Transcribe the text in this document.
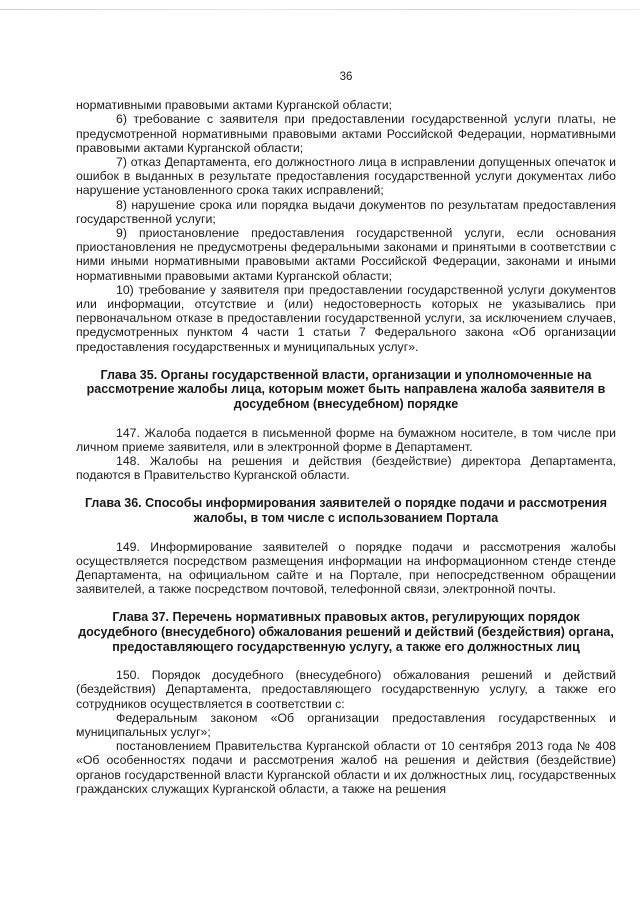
36

нормативными правовыми актами Курганской области;

6) требование с заявителя при предоставлении государственной услуги платы, не предусмотренной нормативными правовыми актами Российской Федерации, нормативными правовыми актами Курганской области;

7) отказ Департамента, его должностного лица в исправлении допущенных опечаток и ошибок в выданных в результате предоставления государственной услуги документах либо нарушение установленного срока таких исправлений;

8) нарушение срока или порядка выдачи документов по результатам предоставления государственной услуги;

9) приостановление предоставления государственной услуги, если основания приостановления не предусмотрены федеральными законами и принятыми в соответствии с ними иными нормативными правовыми актами Российской Федерации, законами и иными нормативными правовыми актами Курганской области;

10) требование у заявителя при предоставлении государственной услуги документов или информации, отсутствие и (или) недостоверность которых не указывались при первоначальном отказе в предоставлении государственной услуги, за исключением случаев, предусмотренных пунктом 4 части 1 статьи 7 Федерального закона «Об организации предоставления государственных и муниципальных услуг».

Глава 35. Органы государственной власти, организации и уполномоченные на рассмотрение жалобы лица, которым может быть направлена жалоба заявителя в досудебном (внесудебном) порядке

147. Жалоба подается в письменной форме на бумажном носителе, в том числе при личном приеме заявителя, или в электронной форме в Департамент.

148. Жалобы на решения и действия (бездействие) директора Департамента, подаются в Правительство Курганской области.

Глава 36. Способы информирования заявителей о порядке подачи и рассмотрения жалобы, в том числе с использованием Портала

149. Информирование заявителей о порядке подачи и рассмотрения жалобы осуществляется посредством размещения информации на информационном стенде стенде Департамента, на официальном сайте и на Портале, при непосредственном обращении заявителей, а также посредством почтовой, телефонной связи, электронной почты.

Глава 37. Перечень нормативных правовых актов, регулирующих порядок досудебного (внесудебного) обжалования решений и действий (бездействия) органа, предоставляющего государственную услугу, а также его должностных лиц

150. Порядок досудебного (внесудебного) обжалования решений и действий (бездействия) Департамента, предоставляющего государственную услугу, а также его сотрудников осуществляется в соответствии с:

Федеральным законом «Об организации предоставления государственных и муниципальных услуг»;

постановлением Правительства Курганской области от 10 сентября 2013 года № 408 «Об особенностях подачи и рассмотрения жалоб на решения и действия (бездействие) органов государственной власти Курганской области и их должностных лиц, государственных гражданских служащих Курганской области, а также на решения
